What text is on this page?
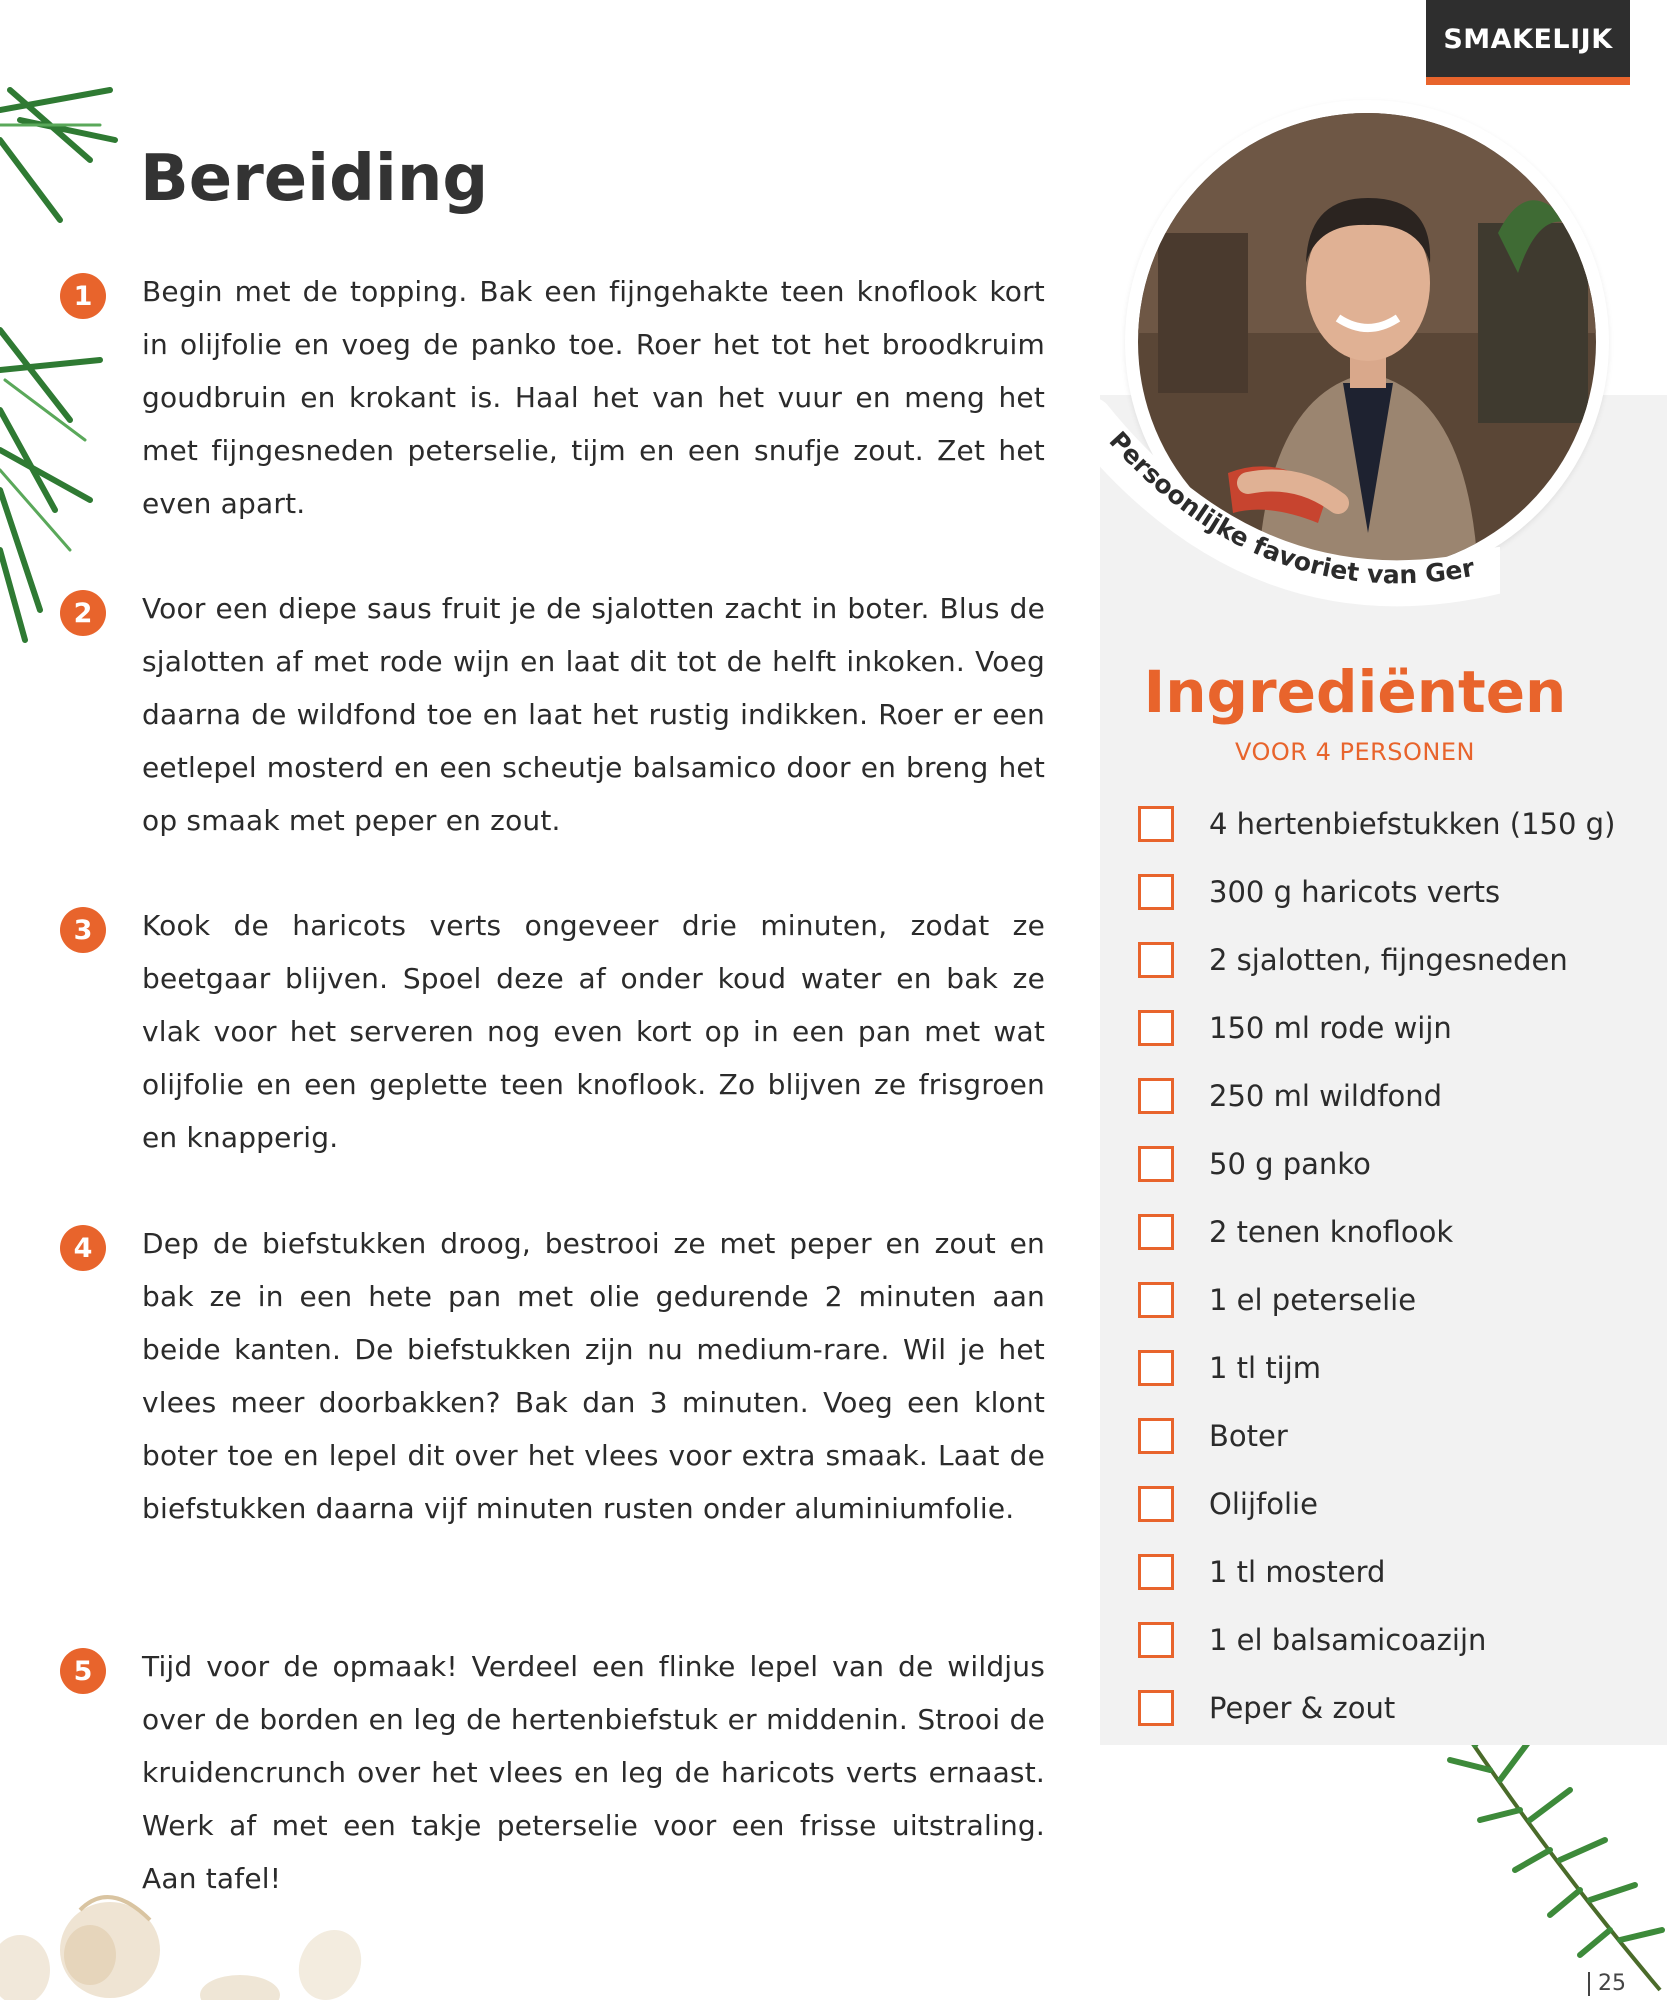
SMAKELIJK
Bereiding
1	Begin met de topping. Bak een fijngehakte teen knoflook kort in olijfolie en voeg de panko toe. Roer het tot het broodkruim goudbruin en krokant is. Haal het van het vuur en meng het met fijngesneden peterselie, tijm en een snufje zout. Zet het even apart.

2	Voor een diepe saus fruit je de sjalotten zacht in boter. Blus de sjalotten af met rode wijn en laat dit tot de helft inkoken. Voeg daarna de wildfond toe en laat het rustig indikken. Roer er een eetlepel mosterd en een scheutje balsamico door en breng het op smaak met peper en zout.

3	Kook de haricots verts ongeveer drie minuten, zodat ze beetgaar blijven. Spoel deze af onder koud water en bak ze vlak voor het serveren nog even kort op in een pan met wat olijfolie en een geplette teen knoflook. Zo blijven ze frisgroen en knapperig.

4	Dep de biefstukken droog, bestrooi ze met peper en zout en bak ze in een hete pan met olie gedurende 2 minuten aan beide kanten. De biefstukken zijn nu medium-rare. Wil je het vlees meer doorbakken? Bak dan 3 minuten. Voeg een klont boter toe en lepel dit over het vlees voor extra smaak. Laat de biefstukken daarna vijf minuten rusten onder aluminiumfolie.

5	Tijd voor de opmaak! Verdeel een flinke lepel van de wildjus over de borden en leg de hertenbiefstuk er middenin. Strooi de kruidencrunch over het vlees en leg de haricots verts ernaast. Werk af met een takje peterselie voor een frisse uitstraling. Aan tafel!

Persoonlijke favoriet van Ger
Ingrediënten
VOOR 4 PERSONEN
4 hertenbiefstukken (150 g)
300 g haricots verts
2 sjalotten, fijngesneden
150 ml rode wijn
250 ml wildfond
50 g panko
2 tenen knoflook
1 el peterselie
1 tl tijm
Boter
Olijfolie
1 tl mosterd
1 el balsamicoazijn
Peper & zout
25
